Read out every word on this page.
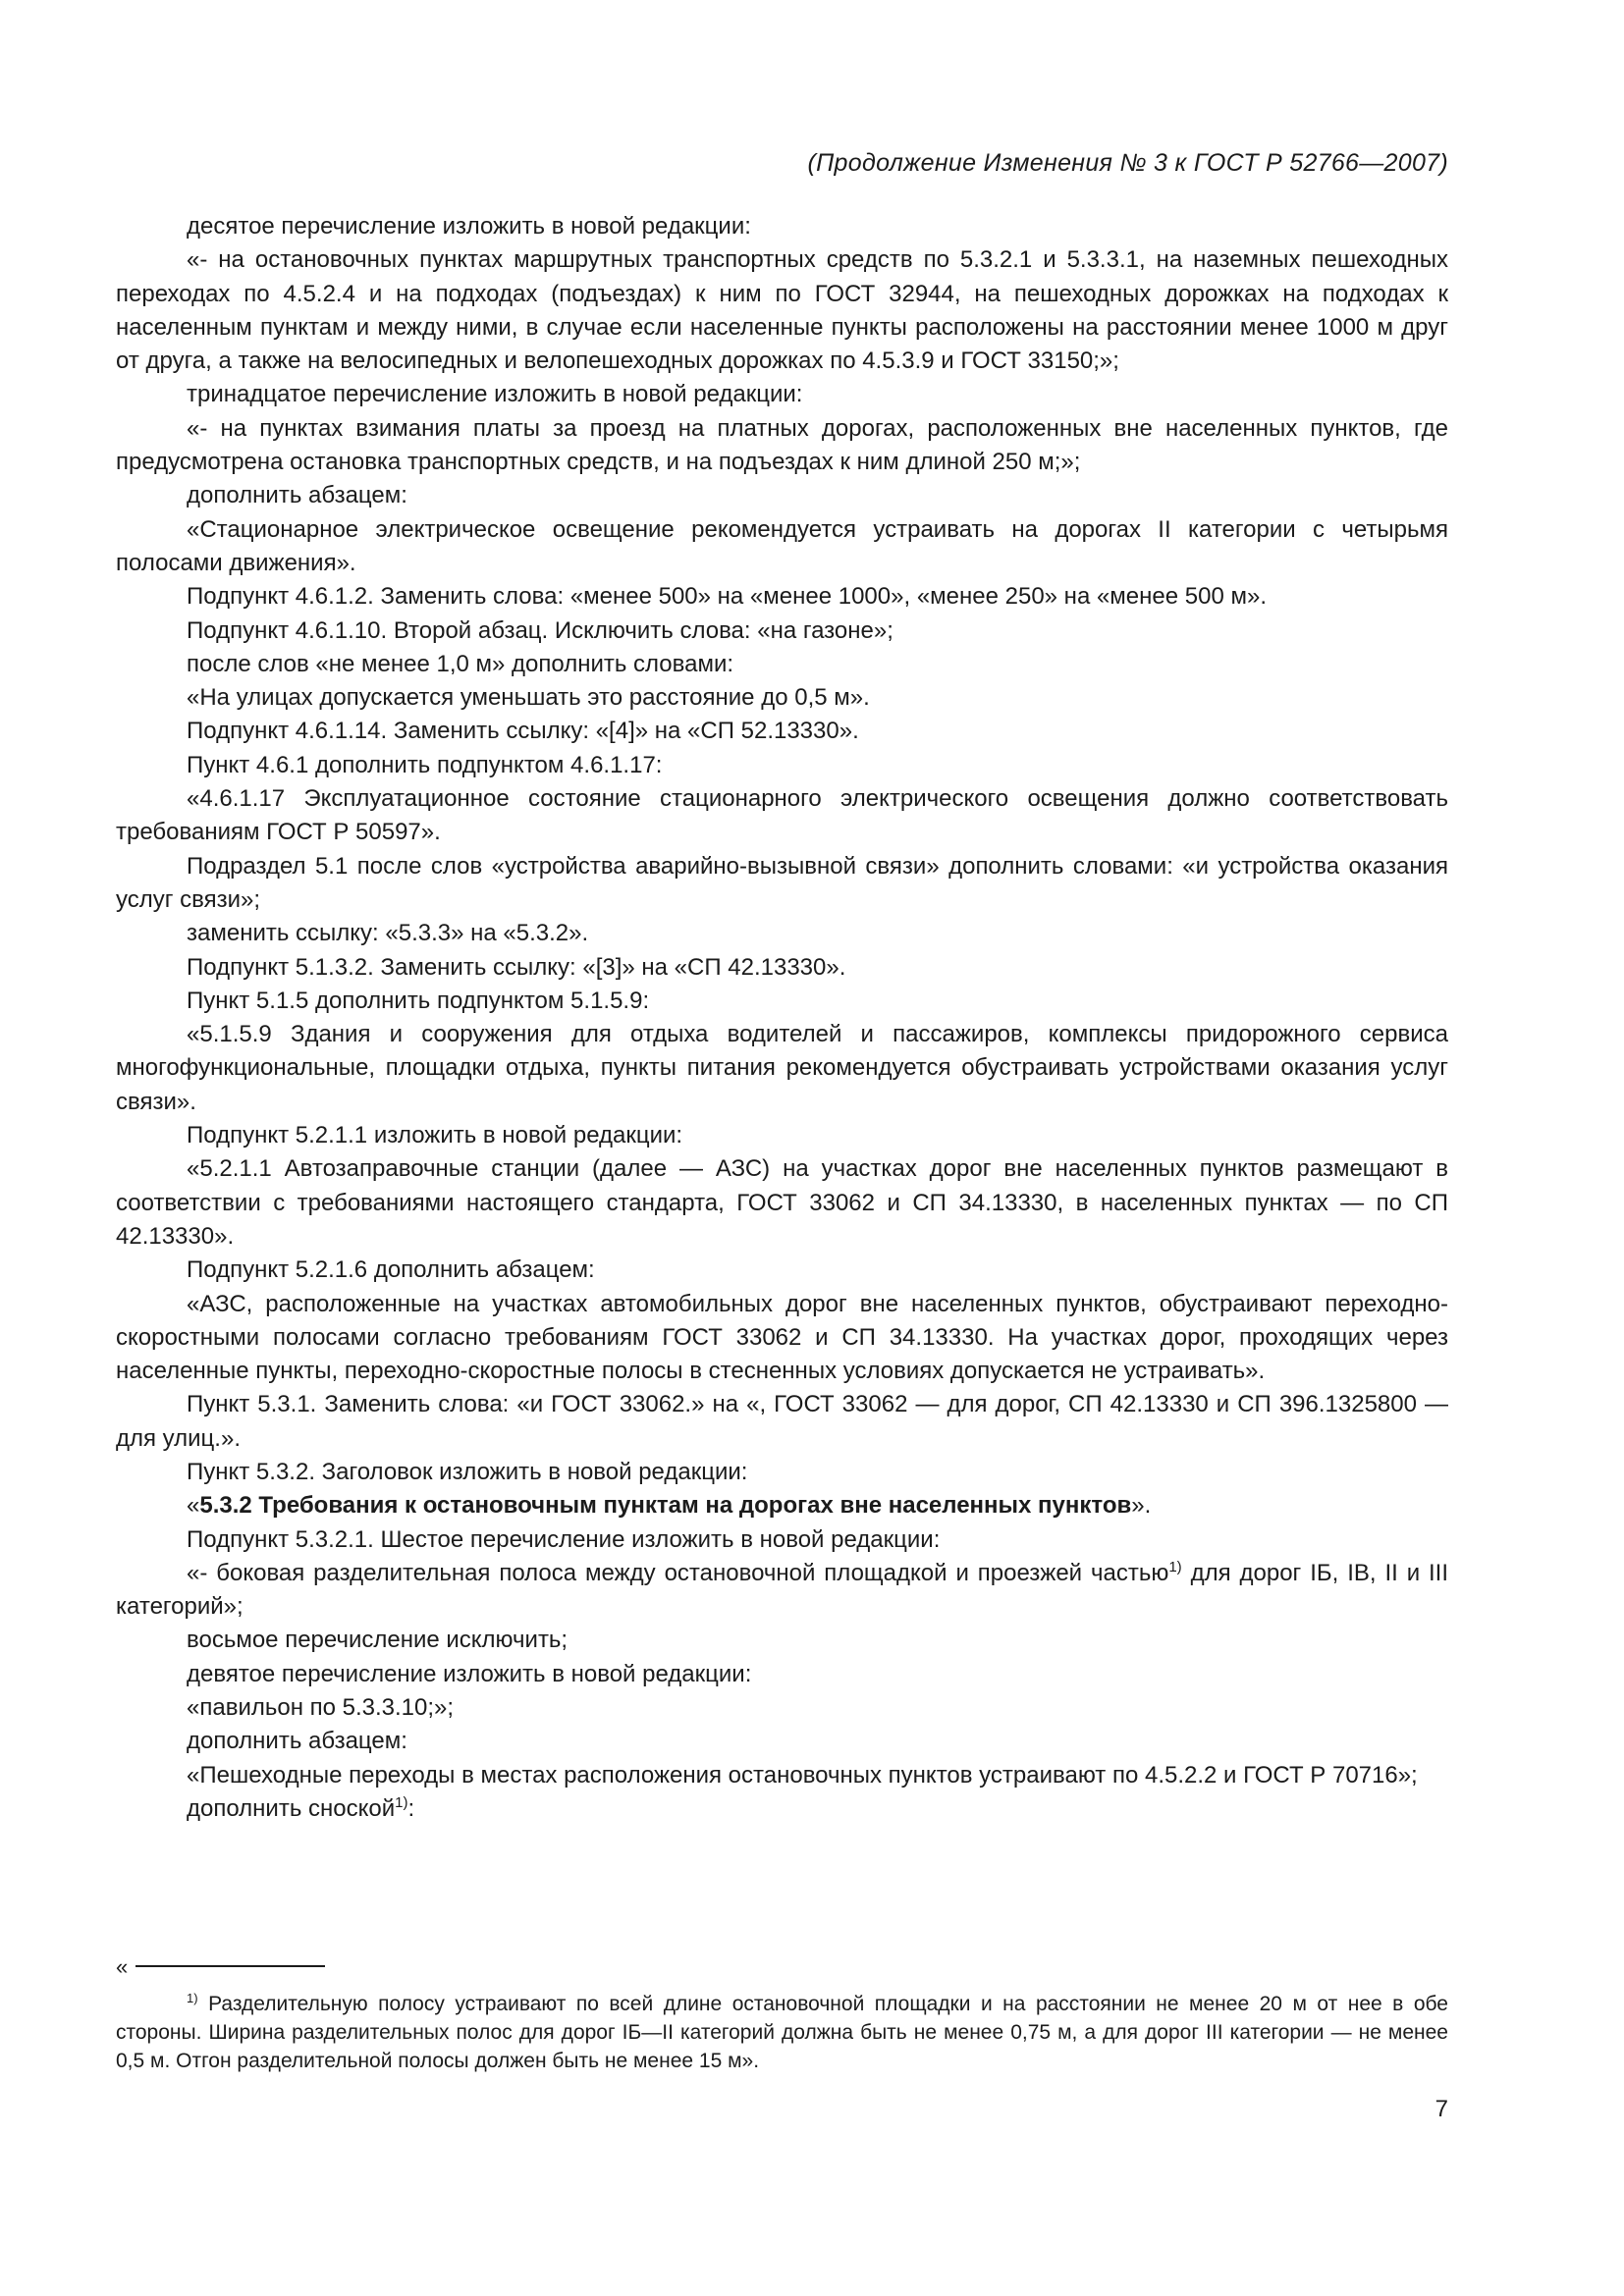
(Продолжение Изменения № 3 к ГОСТ Р 52766—2007)

десятое перечисление изложить в новой редакции:

«- на остановочных пунктах маршрутных транспортных средств по 5.3.2.1 и 5.3.3.1, на наземных пешеходных переходах по 4.5.2.4 и на подходах (подъездах) к ним по ГОСТ 32944, на пешеходных дорожках на подходах к населенным пунктам и между ними, в случае если населенные пункты расположены на расстоянии менее 1000 м друг от друга, а также на велосипедных и велопешеходных дорожках по 4.5.3.9 и ГОСТ 33150;»;

тринадцатое перечисление изложить в новой редакции:

«- на пунктах взимания платы за проезд на платных дорогах, расположенных вне населенных пунктов, где предусмотрена остановка транспортных средств, и на подъездах к ним длиной 250 м;»;

дополнить абзацем:

«Стационарное электрическое освещение рекомендуется устраивать на дорогах II категории с четырьмя полосами движения».

Подпункт 4.6.1.2. Заменить слова: «менее 500» на «менее 1000», «менее 250» на «менее 500 м».

Подпункт 4.6.1.10. Второй абзац. Исключить слова: «на газоне»;

после слов «не менее 1,0 м» дополнить словами:

«На улицах допускается уменьшать это расстояние до 0,5 м».

Подпункт 4.6.1.14. Заменить ссылку: «[4]» на «СП 52.13330».

Пункт 4.6.1 дополнить подпунктом 4.6.1.17:

«4.6.1.17 Эксплуатационное состояние стационарного электрического освещения должно соответствовать требованиям ГОСТ Р 50597».

Подраздел 5.1 после слов «устройства аварийно-вызывной связи» дополнить словами: «и устройства оказания услуг связи»;

заменить ссылку: «5.3.3» на «5.3.2».

Подпункт 5.1.3.2. Заменить ссылку: «[3]» на «СП 42.13330».

Пункт 5.1.5 дополнить подпунктом 5.1.5.9:

«5.1.5.9 Здания и сооружения для отдыха водителей и пассажиров, комплексы придорожного сервиса многофункциональные, площадки отдыха, пункты питания рекомендуется обустраивать устройствами оказания услуг связи».

Подпункт 5.2.1.1 изложить в новой редакции:

«5.2.1.1 Автозаправочные станции (далее — АЗС) на участках дорог вне населенных пунктов размещают в соответствии с требованиями настоящего стандарта, ГОСТ 33062 и СП 34.13330, в населенных пунктах — по СП 42.13330».

Подпункт 5.2.1.6 дополнить абзацем:

«АЗС, расположенные на участках автомобильных дорог вне населенных пунктов, обустраивают переходно-скоростными полосами согласно требованиям ГОСТ 33062 и СП 34.13330. На участках дорог, проходящих через населенные пункты, переходно-скоростные полосы в стесненных условиях допускается не устраивать».

Пункт 5.3.1. Заменить слова: «и ГОСТ 33062.» на «, ГОСТ 33062 — для дорог, СП 42.13330 и СП 396.1325800 — для улиц.».

Пункт 5.3.2. Заголовок изложить в новой редакции:

«5.3.2 Требования к остановочным пунктам на дорогах вне населенных пунктов».

Подпункт 5.3.2.1. Шестое перечисление изложить в новой редакции:

«- боковая разделительная полоса между остановочной площадкой и проезжей частью$^{1)}$ для дорог IБ, IВ, II и III категорий»;

восьмое перечисление исключить;

девятое перечисление изложить в новой редакции:

«павильон по 5.3.3.10;»;

дополнить абзацем:

«Пешеходные переходы в местах расположения остановочных пунктов устраивают по 4.5.2.2 и ГОСТ Р 70716»;

дополнить сноской$^{1)}$:

«

$^{1)}$ Разделительную полосу устраивают по всей длине остановочной площадки и на расстоянии не менее 20 м от нее в обе стороны. Ширина разделительных полос для дорог IБ—II категорий должна быть не менее 0,75 м, а для дорог III категории — не менее 0,5 м. Отгон разделительной полосы должен быть не менее 15 м».

7
